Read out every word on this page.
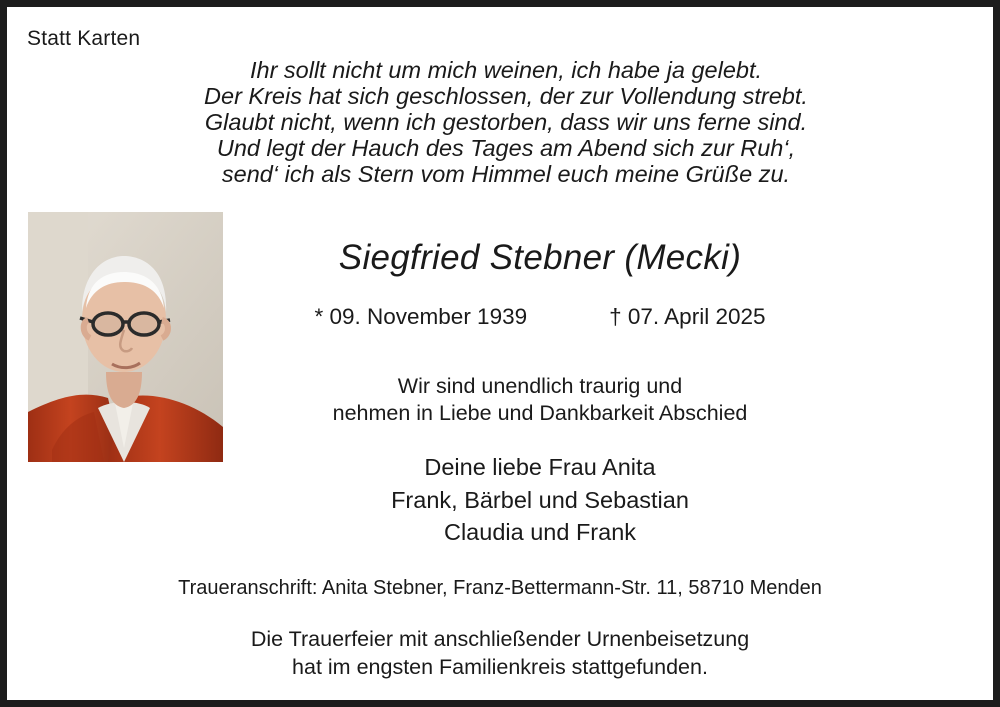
Statt Karten
Ihr sollt nicht um mich weinen, ich habe ja gelebt.
Der Kreis hat sich geschlossen, der zur Vollendung strebt.
Glaubt nicht, wenn ich gestorben, dass wir uns ferne sind.
Und legt der Hauch des Tages am Abend sich zur Ruh‘,
send‘ ich als Stern vom Himmel euch meine Grüße zu.
Siegfried Stebner (Mecki)
* 09. November 1939	† 07. April 2025
Wir sind unendlich traurig und
nehmen in Liebe und Dankbarkeit Abschied
Deine liebe Frau Anita
Frank, Bärbel und Sebastian
Claudia und Frank
Traueranschrift: Anita Stebner, Franz-Bettermann-Str. 11, 58710 Menden
Die Trauerfeier mit anschließender Urnenbeisetzung
hat im engsten Familienkreis stattgefunden.
